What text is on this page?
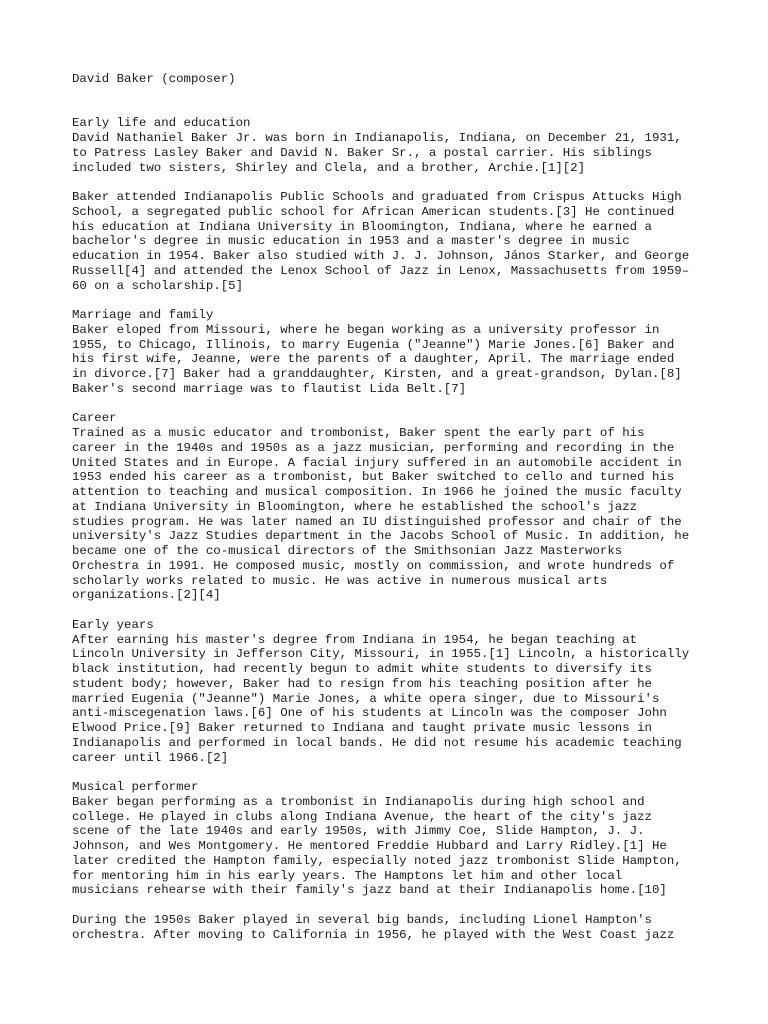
David Baker (composer)
Early life and education
David Nathaniel Baker Jr. was born in Indianapolis, Indiana, on December 21, 1931,
to Patress Lasley Baker and David N. Baker Sr., a postal carrier. His siblings
included two sisters, Shirley and Clela, and a brother, Archie.[1][2]
Baker attended Indianapolis Public Schools and graduated from Crispus Attucks High
School, a segregated public school for African American students.[3] He continued
his education at Indiana University in Bloomington, Indiana, where he earned a
bachelor's degree in music education in 1953 and a master's degree in music
education in 1954. Baker also studied with J. J. Johnson, János Starker, and George
Russell[4] and attended the Lenox School of Jazz in Lenox, Massachusetts from 1959–
60 on a scholarship.[5]
Marriage and family
Baker eloped from Missouri, where he began working as a university professor in
1955, to Chicago, Illinois, to marry Eugenia ("Jeanne") Marie Jones.[6] Baker and
his first wife, Jeanne, were the parents of a daughter, April. The marriage ended
in divorce.[7] Baker had a granddaughter, Kirsten, and a great-grandson, Dylan.[8]
Baker's second marriage was to flautist Lida Belt.[7]
Career
Trained as a music educator and trombonist, Baker spent the early part of his
career in the 1940s and 1950s as a jazz musician, performing and recording in the
United States and in Europe. A facial injury suffered in an automobile accident in
1953 ended his career as a trombonist, but Baker switched to cello and turned his
attention to teaching and musical composition. In 1966 he joined the music faculty
at Indiana University in Bloomington, where he established the school's jazz
studies program. He was later named an IU distinguished professor and chair of the
university's Jazz Studies department in the Jacobs School of Music. In addition, he
became one of the co-musical directors of the Smithsonian Jazz Masterworks
Orchestra in 1991. He composed music, mostly on commission, and wrote hundreds of
scholarly works related to music. He was active in numerous musical arts
organizations.[2][4]
Early years
After earning his master's degree from Indiana in 1954, he began teaching at
Lincoln University in Jefferson City, Missouri, in 1955.[1] Lincoln, a historically
black institution, had recently begun to admit white students to diversify its
student body; however, Baker had to resign from his teaching position after he
married Eugenia ("Jeanne") Marie Jones, a white opera singer, due to Missouri's
anti-miscegenation laws.[6] One of his students at Lincoln was the composer John
Elwood Price.[9] Baker returned to Indiana and taught private music lessons in
Indianapolis and performed in local bands. He did not resume his academic teaching
career until 1966.[2]
Musical performer
Baker began performing as a trombonist in Indianapolis during high school and
college. He played in clubs along Indiana Avenue, the heart of the city's jazz
scene of the late 1940s and early 1950s, with Jimmy Coe, Slide Hampton, J. J.
Johnson, and Wes Montgomery. He mentored Freddie Hubbard and Larry Ridley.[1] He
later credited the Hampton family, especially noted jazz trombonist Slide Hampton,
for mentoring him in his early years. The Hamptons let him and other local
musicians rehearse with their family's jazz band at their Indianapolis home.[10]
During the 1950s Baker played in several big bands, including Lionel Hampton's
orchestra. After moving to California in 1956, he played with the West Coast jazz
